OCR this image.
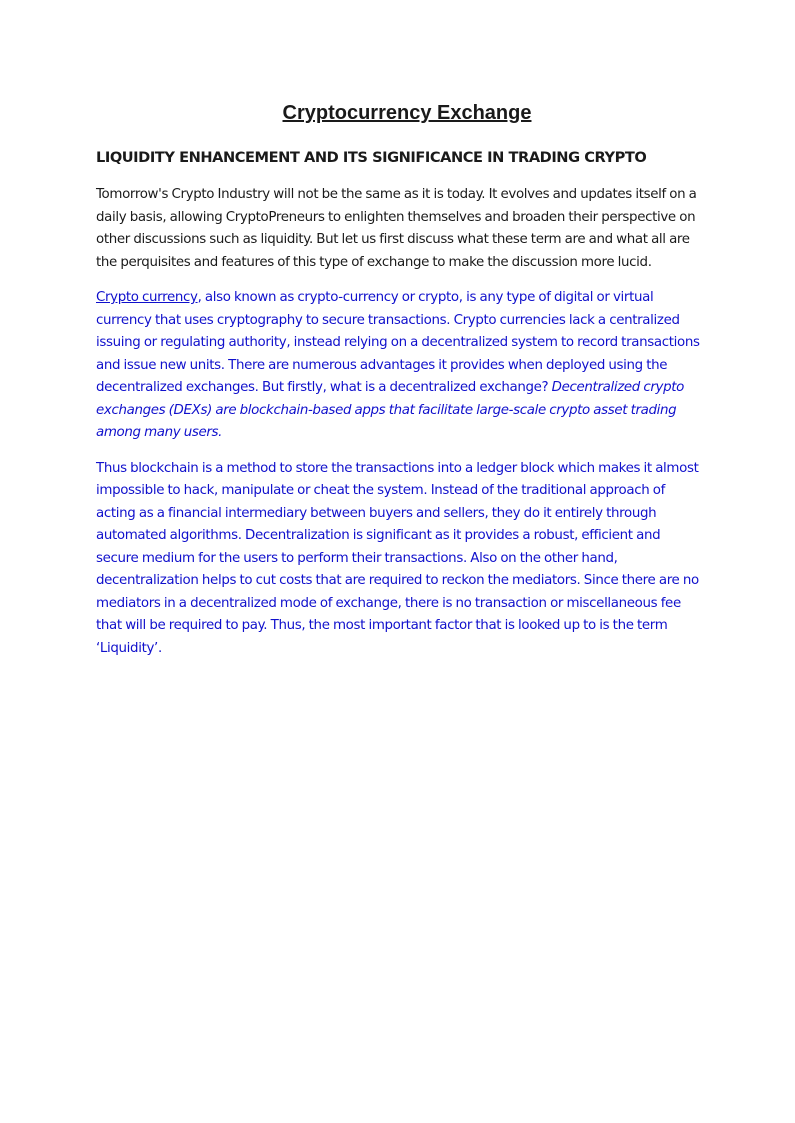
Cryptocurrency Exchange
LIQUIDITY ENHANCEMENT AND ITS SIGNIFICANCE IN TRADING CRYPTO

Tomorrow's Crypto Industry will not be the same as it is today. It evolves and updates itself on a daily basis, allowing CryptoPreneurs to enlighten themselves and broaden their perspective on other discussions such as liquidity. But let us first discuss what these term are and what all are the perquisites and features of this type of exchange to make the discussion more lucid.

Crypto currency, also known as crypto-currency or crypto, is any type of digital or virtual currency that uses cryptography to secure transactions. Crypto currencies lack a centralized issuing or regulating authority, instead relying on a decentralized system to record transactions and issue new units. There are numerous advantages it provides when deployed using the decentralized exchanges. But firstly, what is a decentralized exchange? Decentralized crypto exchanges (DEXs) are blockchain-based apps that facilitate large-scale crypto asset trading among many users.

Thus blockchain is a method to store the transactions into a ledger block which makes it almost impossible to hack, manipulate or cheat the system. Instead of the traditional approach of acting as a financial intermediary between buyers and sellers, they do it entirely through automated algorithms. Decentralization is significant as it provides a robust, efficient and secure medium for the users to perform their transactions. Also on the other hand, decentralization helps to cut costs that are required to reckon the mediators. Since there are no mediators in a decentralized mode of exchange, there is no transaction or miscellaneous fee that will be required to pay. Thus, the most important factor that is looked up to is the term ‘Liquidity’.
